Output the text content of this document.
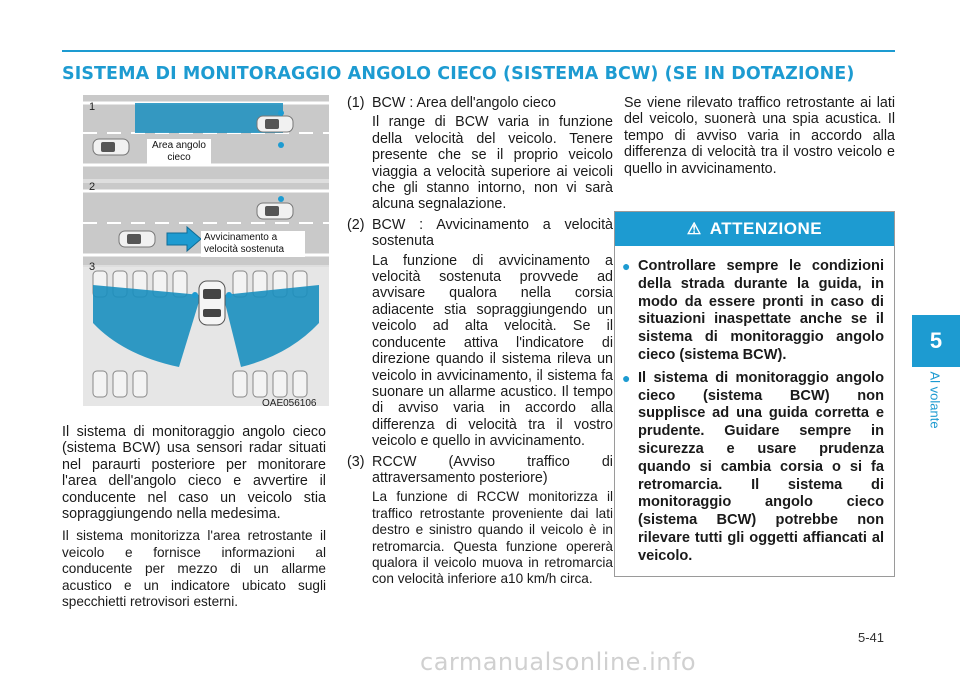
SISTEMA DI MONITORAGGIO ANGOLO CIECO (SISTEMA BCW) (SE IN DOTAZIONE)
1
2
3
Area angolo cieco
Avvicinamento a velocità sostenuta
OAE056106

Il sistema di monitoraggio angolo cieco (sistema BCW) usa sensori radar situati nel paraurti posteriore per monitorare l'area dell'angolo cieco e avvertire il conducente nel caso un veicolo stia sopraggiungendo nella medesima.

Il sistema monitorizza l'area retrostante il veicolo e fornisce informazioni al conducente per mezzo di un allarme acustico e un indicatore ubicato sugli specchietti retrovisori esterni.

(1) BCW : Area dell'angolo cieco
Il range di BCW varia in funzione della velocità del veicolo. Tenere presente che se il proprio veicolo viaggia a velocità superiore ai veicoli che gli stanno intorno, non vi sarà alcuna segnalazione.
(2) BCW : Avvicinamento a velocità sostenuta
La funzione di avvicinamento a velocità sostenuta provvede ad avvisare qualora nella corsia adiacente stia sopraggiungendo un veicolo ad alta velocità. Se il conducente attiva l'indicatore di direzione quando il sistema rileva un veicolo in avvicinamento, il sistema fa suonare un allarme acustico. Il tempo di avviso varia in accordo alla differenza di velocità tra il vostro veicolo e quello in avvicinamento.
(3) RCCW (Avviso traffico di attraversamento posteriore)
La funzione di RCCW monitorizza il traffico retrostante proveniente dai lati destro e sinistro quando il veicolo è in retromarcia. Questa funzione opererà qualora il veicolo muova in retromarcia con velocità inferiore a10 km/h circa.

Se viene rilevato traffico retrostante ai lati del veicolo, suonerà una spia acustica. Il tempo di avviso varia in accordo alla differenza di velocità tra il vostro veicolo e quello in avvicinamento.

⚠ ATTENZIONE
● Controllare sempre le condizioni della strada durante la guida, in modo da essere pronti in caso di situazioni inaspettate anche se il sistema di monitoraggio angolo cieco (sistema BCW).
● Il sistema di monitoraggio angolo cieco (sistema BCW) non supplisce ad una guida corretta e prudente. Guidare sempre in sicurezza e usare prudenza quando si cambia corsia o si fa retromarcia. Il sistema di monitoraggio angolo cieco (sistema BCW) potrebbe non rilevare tutti gli oggetti affiancati al veicolo.
5
Al volante
5-41
carmanualsonline.info
